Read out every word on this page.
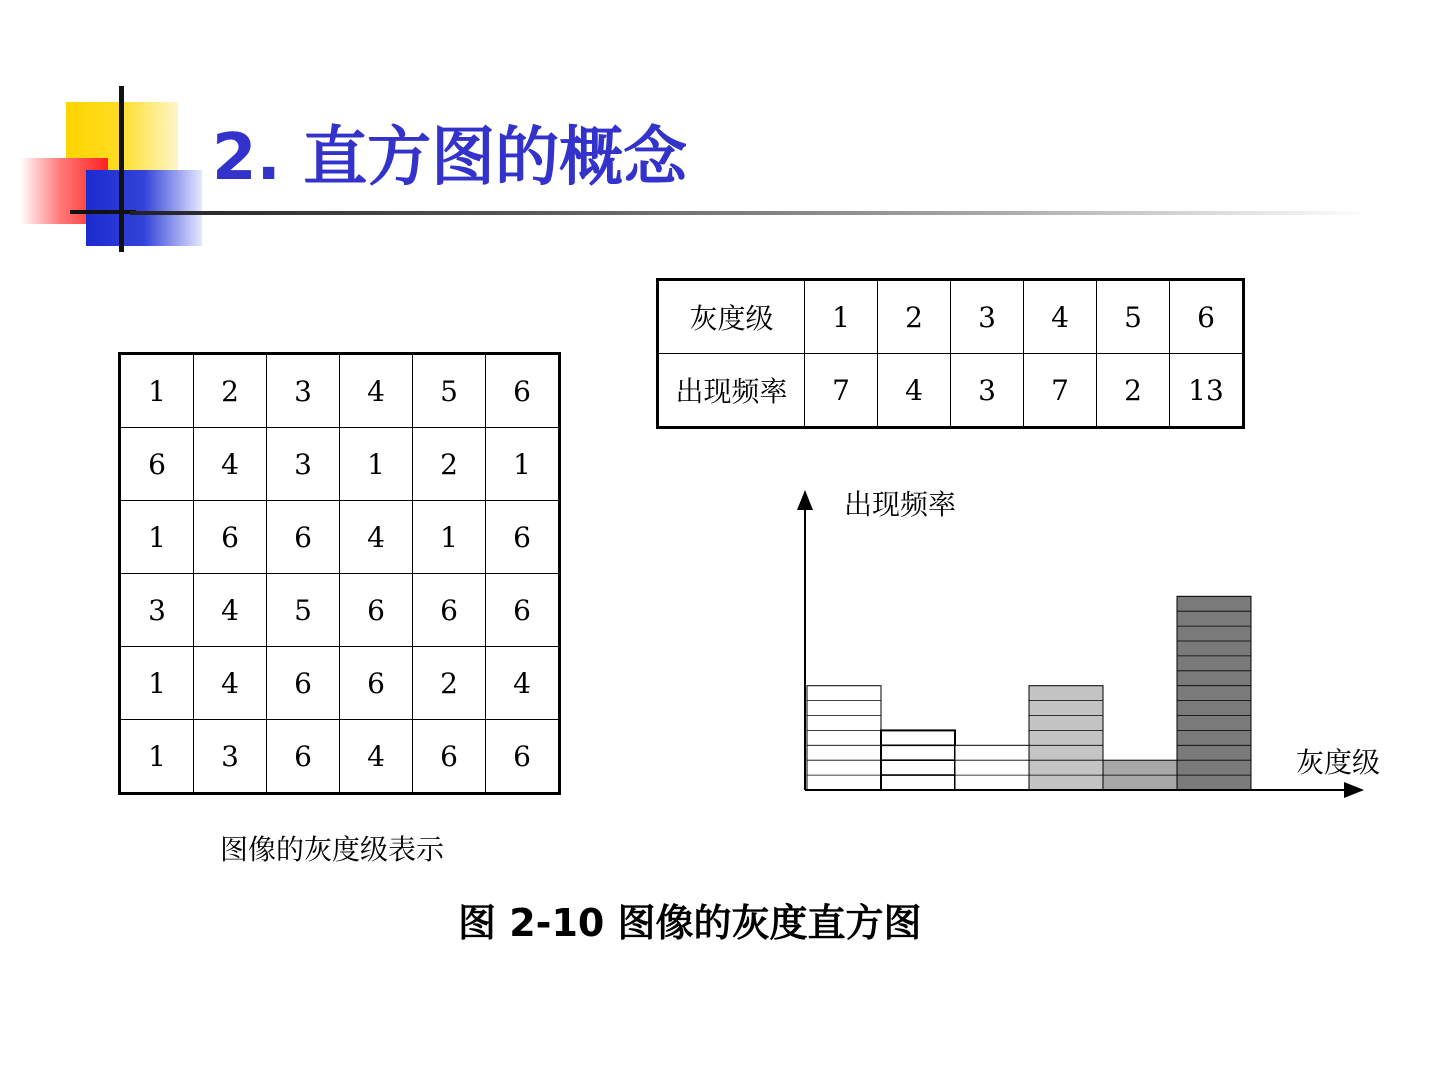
2. 直方图的概念
1	2	3	4	5	6
6	4	3	1	2	1
1	6	6	4	1	6
3	4	5	6	6	6
1	4	6	6	2	4
1	3	6	4	6	6
图像的灰度级表示
灰度级	1	2	3	4	5	6
出现频率	7	4	3	7	2	13
出现频率
灰度级
图 2-10 图像的灰度直方图
